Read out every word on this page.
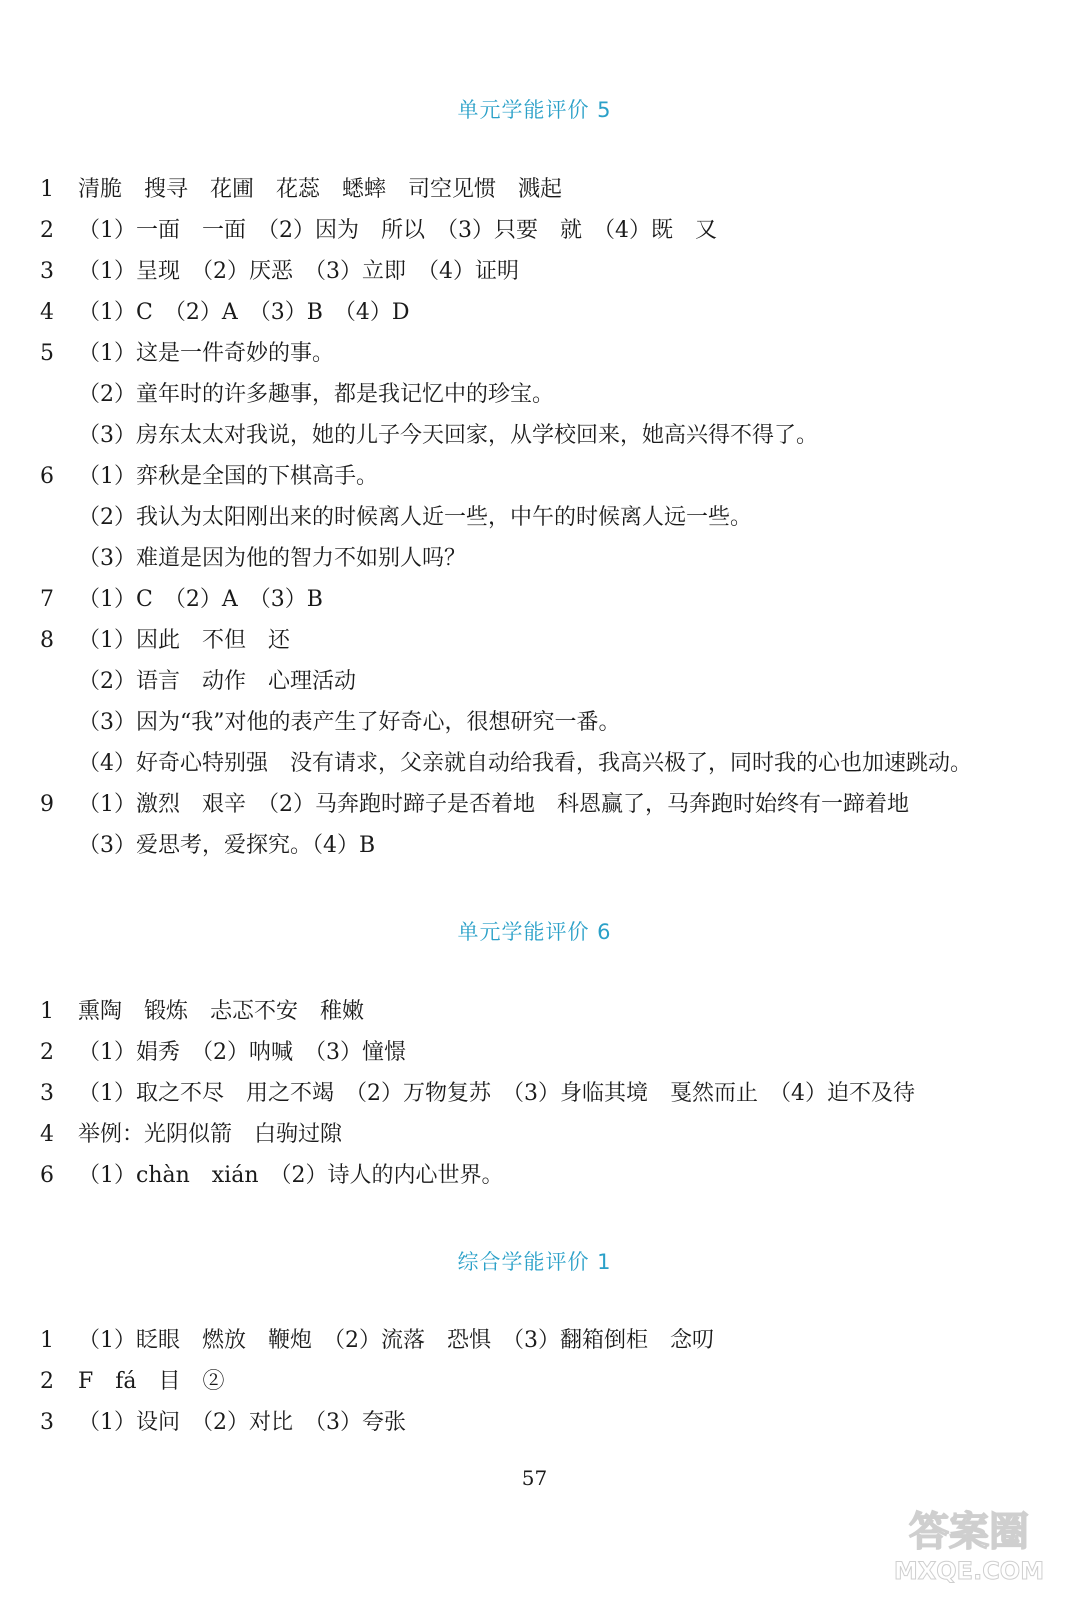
单元学能评价 5
1 清脆　搜寻　花圃　花蕊　蟋蟀　司空见惯　溅起
2 （1）一面　一面　（2）因为　所以　（3）只要　就　（4）既　又
3 （1）呈现　（2）厌恶　（3）立即　（4）证明
4 （1）C　（2）A　（3）B　（4）D
5 （1）这是一件奇妙的事。
（2）童年时的许多趣事，都是我记忆中的珍宝。
（3）房东太太对我说，她的儿子今天回家，从学校回来，她高兴得不得了。
6 （1）弈秋是全国的下棋高手。
（2）我认为太阳刚出来的时候离人近一些，中午的时候离人远一些。
（3）难道是因为他的智力不如别人吗？
7 （1）C　（2）A　（3）B
8 （1）因此　不但　还
（2）语言　动作　心理活动
（3）因为“我”对他的表产生了好奇心，很想研究一番。
（4）好奇心特别强　没有请求，父亲就自动给我看，我高兴极了，同时我的心也加速跳动。
9 （1）激烈　艰辛　（2）马奔跑时蹄子是否着地　科恩赢了，马奔跑时始终有一蹄着地
（3）爱思考，爱探究。（4）B
单元学能评价 6
1 熏陶　锻炼　忐忑不安　稚嫩
2 （1）娟秀　（2）呐喊　（3）憧憬
3 （1）取之不尽　用之不竭　（2）万物复苏　（3）身临其境　戛然而止　（4）迫不及待
4 举例：光阴似箭　白驹过隙
6 （1）chàn　xián　（2）诗人的内心世界。
综合学能评价 1
1 （1）眨眼　燃放　鞭炮　（2）流落　恐惧　（3）翻箱倒柜　念叨
2 F　fá　目　②
3 （1）设问　（2）对比　（3）夸张
57
答案圈
MXQE.COM
